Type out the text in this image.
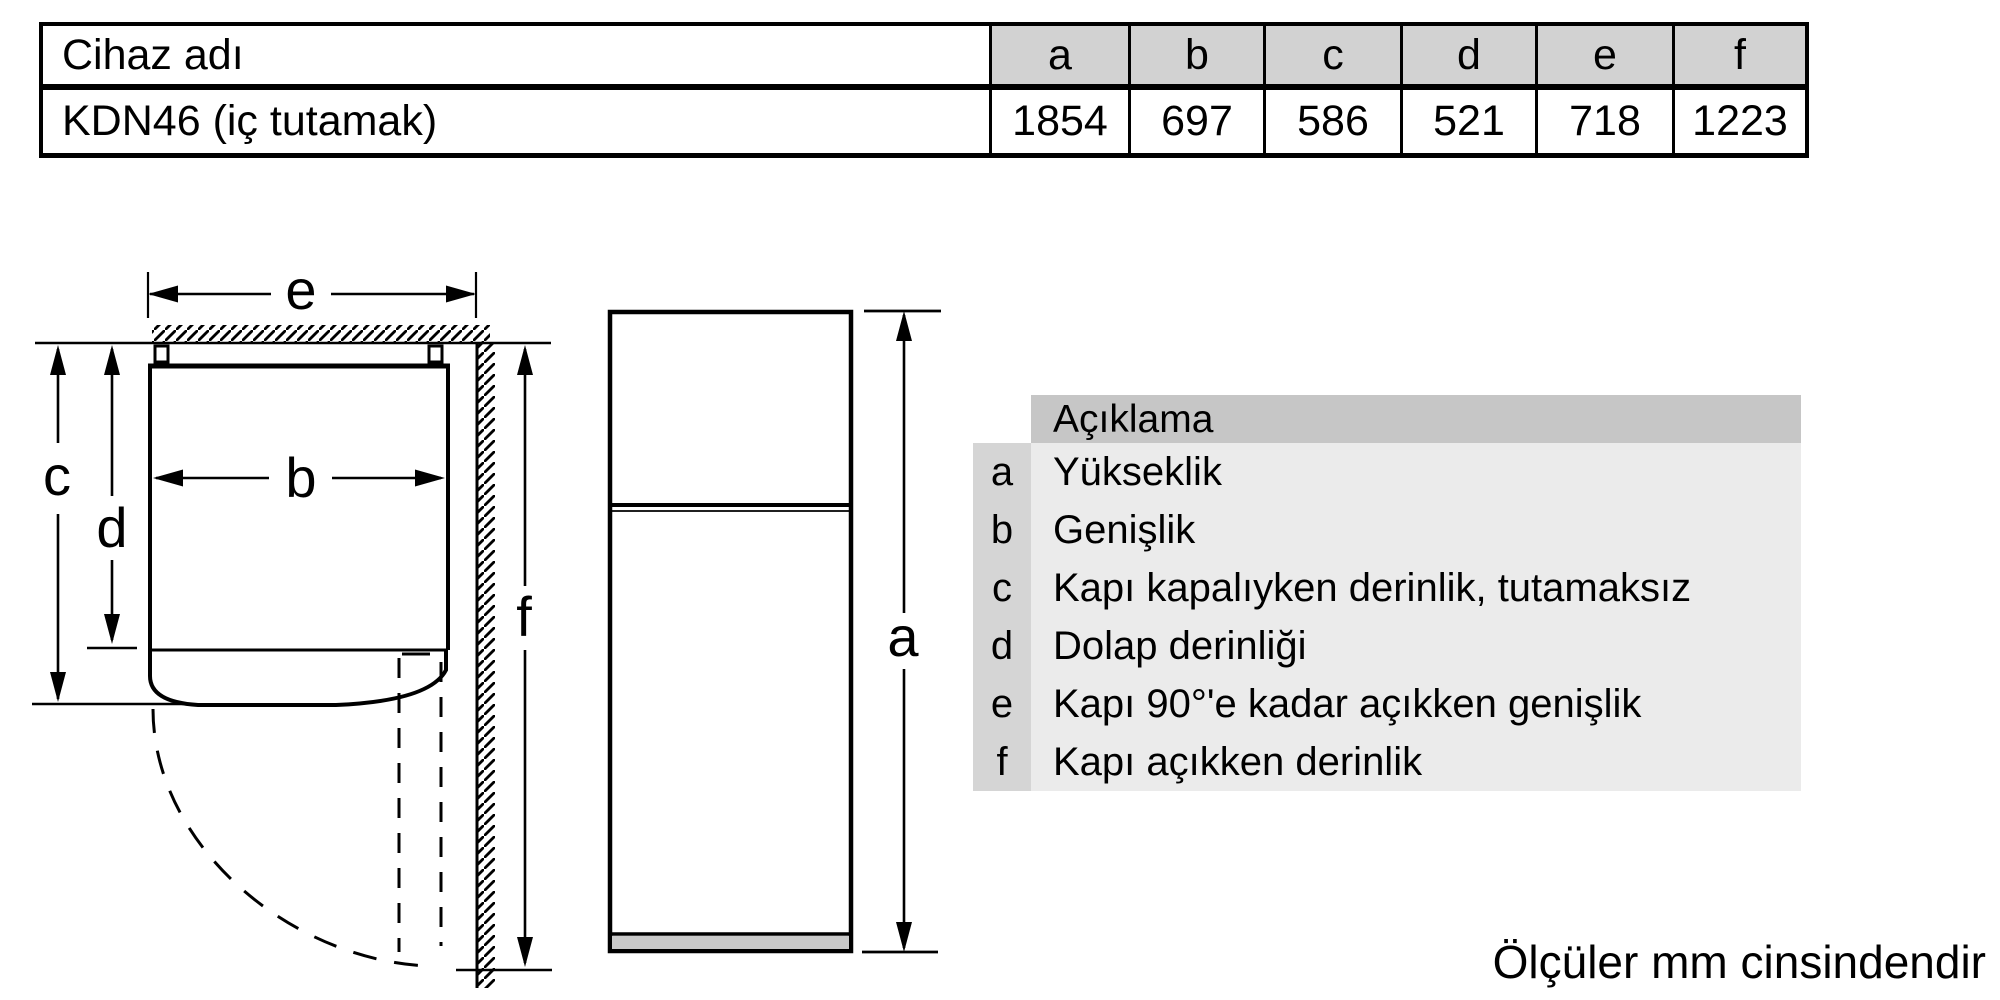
Cihaz adı	a	b	c	d	e	f
KDN46 (iç tutamak)	1854	697	586	521	718	1223
e
b
c
d
f	a
Açıklama
a Yükseklik
b Genişlik
c	Kapı kapalıyken derinlik, tutamaksız
d Dolap derinliği
e Kapı 90°'e kadar açıkken genişlik
f	Kapı açıkken derinlik
Ölçüler mm cinsindendir
